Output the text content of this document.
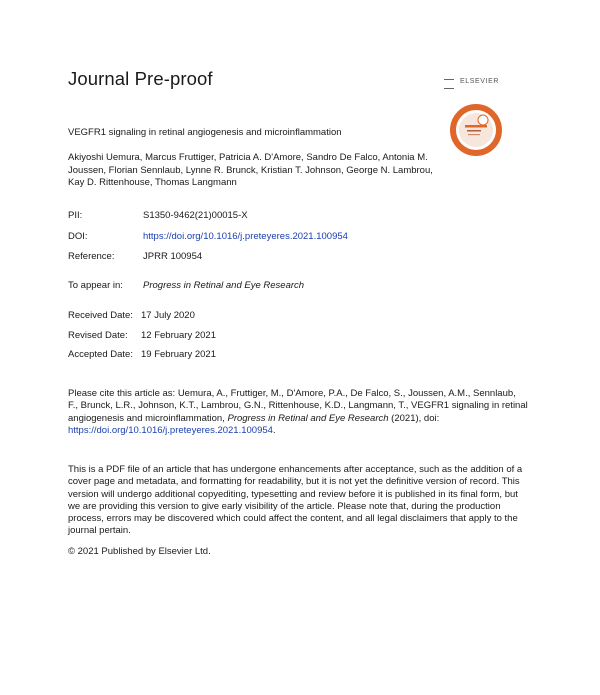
Journal Pre-proof	ELSEVIER
VEGFR1 signaling in retinal angiogenesis and microinflammation
Akiyoshi Uemura, Marcus Fruttiger, Patricia A. D'Amore, Sandro De Falco, Antonia M. Joussen, Florian Sennlaub, Lynne R. Brunck, Kristian T. Johnson, George N. Lambrou, Kay D. Rittenhouse, Thomas Langmann
PII:	S1350-9462(21)00015-X
DOI:	https://doi.org/10.1016/j.preteyeres.2021.100954
Reference:	JPRR 100954
To appear in: Progress in Retinal and Eye Research
Received Date: 17 July 2020
Revised Date: 12 February 2021
Accepted Date: 19 February 2021
Please cite this article as: Uemura, A., Fruttiger, M., D'Amore, P.A., De Falco, S., Joussen, A.M., Sennlaub, F., Brunck, L.R., Johnson, K.T., Lambrou, G.N., Rittenhouse, K.D., Langmann, T., VEGFR1 signaling in retinal angiogenesis and microinflammation, Progress in Retinal and Eye Research (2021), doi: https://doi.org/10.1016/j.preteyeres.2021.100954.
This is a PDF file of an article that has undergone enhancements after acceptance, such as the addition of a cover page and metadata, and formatting for readability, but it is not yet the definitive version of record. This version will undergo additional copyediting, typesetting and review before it is published in its final form, but we are providing this version to give early visibility of the article. Please note that, during the production process, errors may be discovered which could affect the content, and all legal disclaimers that apply to the journal pertain.
© 2021 Published by Elsevier Ltd.
